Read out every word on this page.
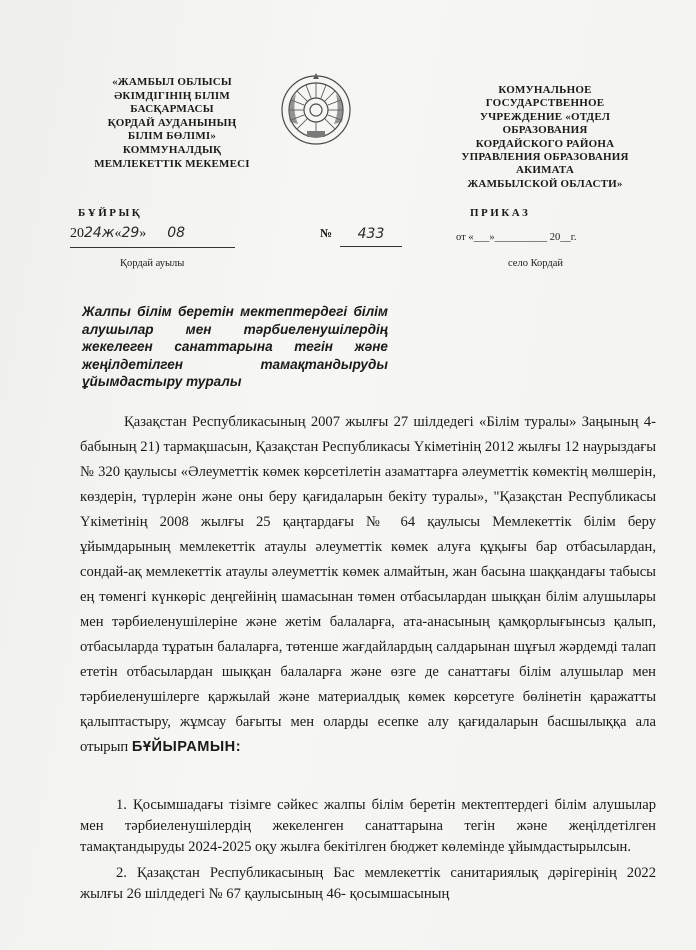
«ЖАМБЫЛ ОБЛЫСЫ
ӘКІМДІГІНІҢ БІЛІМ
БАСҚАРМАСЫ
ҚОРДАЙ АУДАНЫНЫҢ
БІЛІМ БӨЛІМІ»
КОММУНАЛДЫҚ
МЕМЛЕКЕТТІК МЕКЕМЕСІ
КОМУНАЛЬНОЕ
ГОСУДАРСТВЕННОЕ
УЧРЕЖДЕНИЕ «ОТДЕЛ
ОБРАЗОВАНИЯ
КОРДАЙСКОГО РАЙОНА
УПРАВЛЕНИЯ ОБРАЗОВАНИЯ
АКИМАТА
ЖАМБЫЛСКОЙ ОБЛАСТИ»
БҰЙРЫҚ	ПРИКАЗ
2024ж«29» 08	№	433	от «___»__________ 20__г.
Қордай ауылы	село Кордай
Жалпы білім беретін мектептердегі білім алушылар мен тәрбиеленушілердің жекелеген санаттарына тегін және жеңілдетілген тамақтандыруды ұйымдастыру туралы
Қазақстан Республикасының 2007 жылғы 27 шілдедегі «Білім туралы» Заңының 4-бабының 21) тармақшасын, Қазақстан Республикасы Үкіметінің 2012 жылғы 12 наурыздағы № 320 қаулысы «Әлеуметтік көмек көрсетілетін азаматтарға әлеуметтік көмектің мөлшерін, көздерін, түрлерін және оны беру қағидаларын бекіту туралы», "Қазақстан Республикасы Үкіметінің 2008 жылғы 25 қаңтардағы № 64 қаулысы Мемлекеттік білім беру ұйымдарының мемлекеттік атаулы әлеуметтік көмек алуға құқығы бар отбасылардан, сондай-ақ мемлекеттік атаулы әлеуметтік көмек алмайтын, жан басына шаққандағы табысы ең төменгі күнкөріс деңгейінің шамасынан төмен отбасылардан шыққан білім алушылары мен тәрбиеленушілеріне және жетім балаларға, ата-анасының қамқорлығынсыз қалып, отбасыларда тұратын балаларға, төтенше жағдайлардың салдарынан шұғыл жәрдемді талап ететін отбасылардан шыққан балаларға және өзге де санаттағы білім алушылар мен тәрбиеленушілерге қаржылай және материалдық көмек көрсетуге бөлінетін қаражатты қалыптастыру, жұмсау бағыты мен оларды есепке алу қағидаларын басшылыққа ала отырып БҰЙЫРАМЫН:
1. Қосымшадағы тізімге сәйкес жалпы білім беретін мектептердегі білім алушылар мен тәрбиеленушілердің жекеленген санаттарына тегін және жеңілдетілген тамақтандыруды 2024-2025 оқу жылға бекітілген бюджет көлемінде ұйымдастырылсын.
2. Қазақстан Республикасының Бас мемлекеттік санитариялық дәрігерінің 2022 жылғы 26 шілдедегі № 67 қаулысының 46- қосымшасының
